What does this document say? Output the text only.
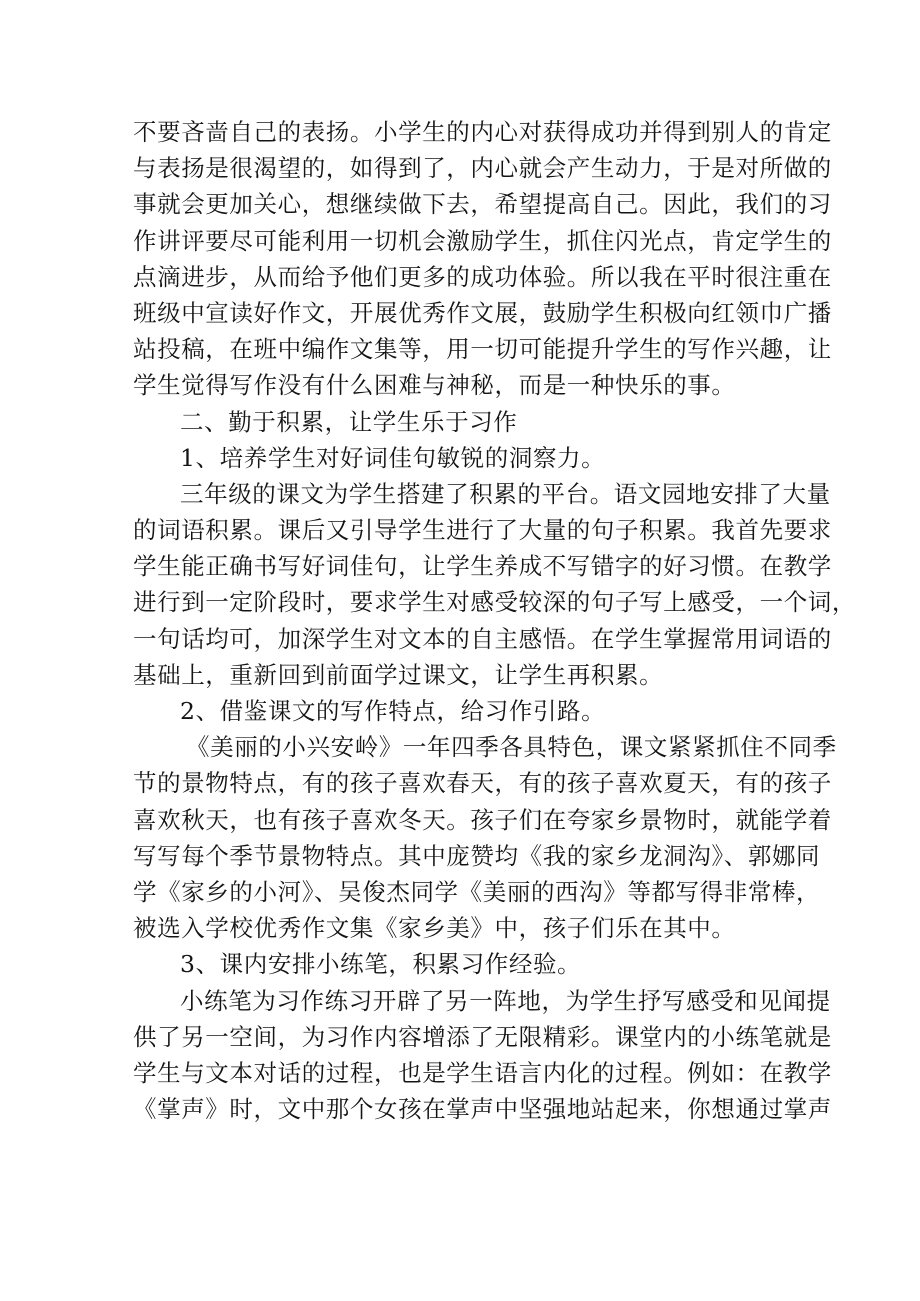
不要吝啬自己的表扬。小学生的内心对获得成功并得到别人的肯定
与表扬是很渴望的，如得到了，内心就会产生动力，于是对所做的
事就会更加关心，想继续做下去，希望提高自己。因此，我们的习
作讲评要尽可能利用一切机会激励学生，抓住闪光点，肯定学生的
点滴进步，从而给予他们更多的成功体验。所以我在平时很注重在
班级中宣读好作文，开展优秀作文展，鼓励学生积极向红领巾广播
站投稿，在班中编作文集等，用一切可能提升学生的写作兴趣，让
学生觉得写作没有什么困难与神秘，而是一种快乐的事。
二、勤于积累，让学生乐于习作
1、培养学生对好词佳句敏锐的洞察力。
三年级的课文为学生搭建了积累的平台。语文园地安排了大量
的词语积累。课后又引导学生进行了大量的句子积累。我首先要求
学生能正确书写好词佳句，让学生养成不写错字的好习惯。在教学
进行到一定阶段时，要求学生对感受较深的句子写上感受，一个词，
一句话均可，加深学生对文本的自主感悟。在学生掌握常用词语的
基础上，重新回到前面学过课文，让学生再积累。
2、借鉴课文的写作特点，给习作引路。
《美丽的小兴安岭》一年四季各具特色，课文紧紧抓住不同季
节的景物特点，有的孩子喜欢春天，有的孩子喜欢夏天，有的孩子
喜欢秋天，也有孩子喜欢冬天。孩子们在夸家乡景物时，就能学着
写写每个季节景物特点。其中庞赞均《我的家乡龙洞沟》、郭娜同
学《家乡的小河》、吴俊杰同学《美丽的西沟》等都写得非常棒，
被选入学校优秀作文集《家乡美》中，孩子们乐在其中。
3、课内安排小练笔，积累习作经验。
小练笔为习作练习开辟了另一阵地，为学生抒写感受和见闻提
供了另一空间，为习作内容增添了无限精彩。课堂内的小练笔就是
学生与文本对话的过程，也是学生语言内化的过程。例如：在教学
《掌声》时，文中那个女孩在掌声中坚强地站起来，你想通过掌声
